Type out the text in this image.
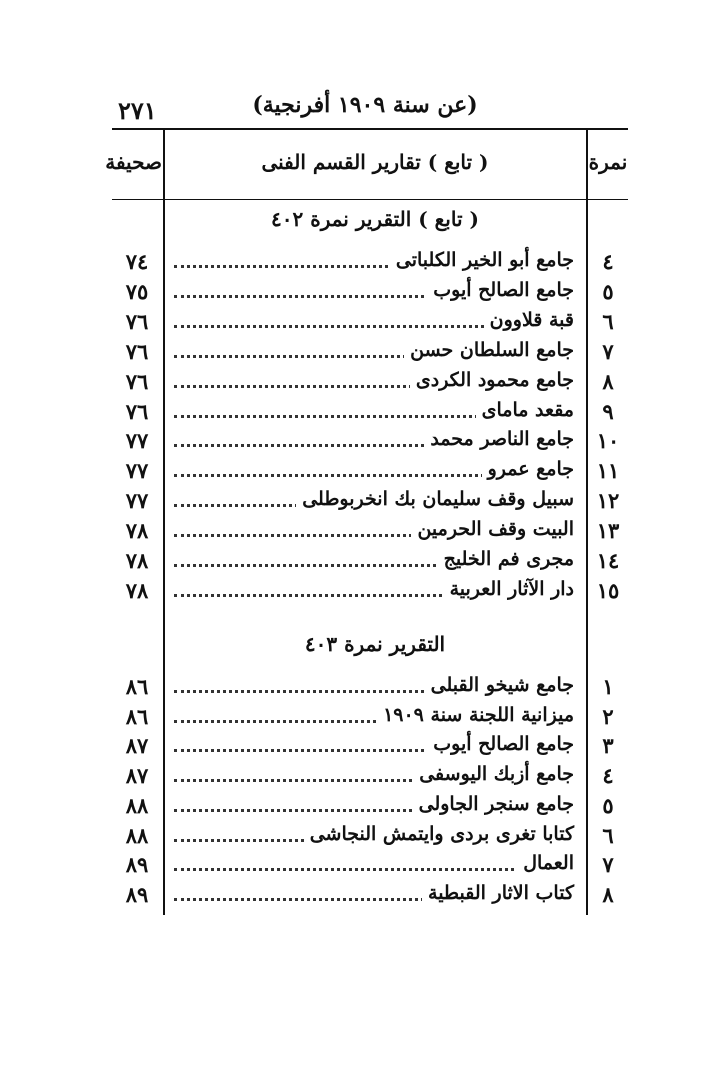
٢٧١	(عن سنة ١٩٠٩ أفرنجية)
نمرة
( تابع ) تقارير القسم الفنى
صحيفة
( تابع ) التقرير نمرة ٤٠٢
٤
جامع أبو الخير الكلباتى
٧٤
٥
جامع الصالح أيوب
٧٥
٦
قبة قلاوون
٧٦
٧
جامع السلطان حسن
٧٦
٨
جامع محمود الكردى
٧٦
٩
مقعد ماماى
٧٦
١٠
جامع الناصر محمد
٧٧
١١
جامع عمرو
٧٧
١٢
سبيل وقف سليمان بك انخربوطلى
٧٧
١٣
البيت وقف الحرمين
٧٨
١٤
مجرى فم الخليج
٧٨
١٥
دار الآثار العربية
٧٨
التقرير نمرة ٤٠٣
١
جامع شيخو القبلى
٨٦
٢
ميزانية اللجنة سنة ١٩٠٩
٨٦
٣
جامع الصالح أيوب
٨٧
٤
جامع أزبك اليوسفى
٨٧
٥
جامع سنجر الجاولى
٨٨
٦
كتابا تغرى بردى وايتمش النجاشى
٨٨
٧
العمال
٨٩
٨
كتاب الاثار القبطية
٨٩
